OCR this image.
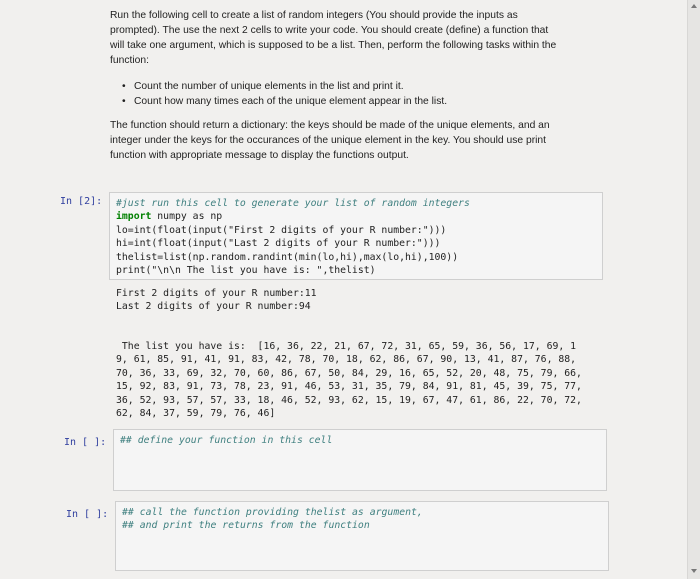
Run the following cell to create a list of random integers (You should provide the inputs as

prompted). The use the next 2 cells to write your code. You should create (define) a function that

will take one argument, which is supposed to be a list. Then, perform the following tasks within the

function:

• Count the number of unique elements in the list and print it.
• Count how many times each of the unique element appear in the list.

The function should return a dictionary: the keys should be made of the unique elements, and an

integer under the keys for the occurances of the unique element in the key. You should use print

function with appropriate message to display the functions output.

In [2]:	#just run this cell to generate your list of random integers
import numpy as np
lo=int(float(input("First 2 digits of your R number:")))
hi=int(float(input("Last 2 digits of your R number:")))
thelist=list(np.random.randint(min(lo,hi),max(lo,hi),100))
print("\n\n The list you have is: ",thelist)
First 2 digits of your R number:11
Last 2 digits of your R number:94
The list you have is:  [16, 36, 22, 21, 67, 72, 31, 65, 59, 36, 56, 17, 69, 1
9, 61, 85, 91, 41, 91, 83, 42, 78, 70, 18, 62, 86, 67, 90, 13, 41, 87, 76, 88,
70, 36, 33, 69, 32, 70, 60, 86, 67, 50, 84, 29, 16, 65, 52, 20, 48, 75, 79, 66,
15, 92, 83, 91, 73, 78, 23, 91, 46, 53, 31, 35, 79, 84, 91, 81, 45, 39, 75, 77,
36, 52, 93, 57, 57, 33, 18, 46, 52, 93, 62, 15, 19, 67, 47, 61, 86, 22, 70, 72,
62, 84, 37, 59, 79, 76, 46]
In [ ]:	## define your function in this cell
In [ ]:	## call the function providing thelist as argument,
## and print the returns from the function
